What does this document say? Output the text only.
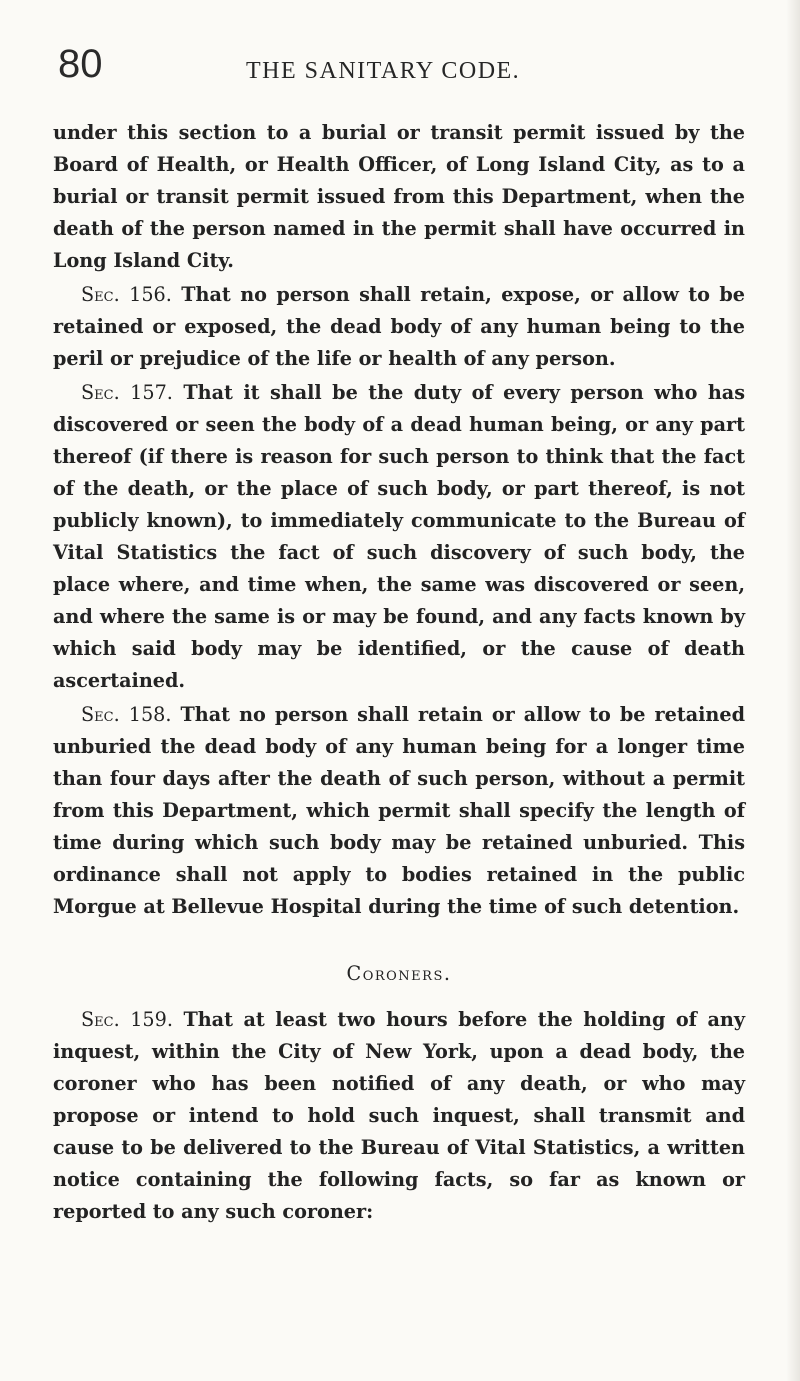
80	THE SANITARY CODE.

under this section to a burial or transit permit issued by the Board of Health, or Health Officer, of Long Island City, as to a burial or transit permit issued from this Department, when the death of the person named in the permit shall have occurred in Long Island City.

Sec. 156. That no person shall retain, expose, or allow to be retained or exposed, the dead body of any human being to the peril or prejudice of the life or health of any person.

Sec. 157. That it shall be the duty of every person who has discovered or seen the body of a dead human being, or any part thereof (if there is reason for such person to think that the fact of the death, or the place of such body, or part thereof, is not publicly known), to immediately communicate to the Bureau of Vital Statistics the fact of such discovery of such body, the place where, and time when, the same was discovered or seen, and where the same is or may be found, and any facts known by which said body may be identified, or the cause of death ascertained.

Sec. 158. That no person shall retain or allow to be retained unburied the dead body of any human being for a longer time than four days after the death of such person, without a permit from this Department, which permit shall specify the length of time during which such body may be retained unburied. This ordinance shall not apply to bodies retained in the public Morgue at Bellevue Hospital during the time of such detention.

Coroners.

Sec. 159. That at least two hours before the holding of any inquest, within the City of New York, upon a dead body, the coroner who has been notified of any death, or who may propose or intend to hold such inquest, shall transmit and cause to be delivered to the Bureau of Vital Statistics, a written notice containing the following facts, so far as known or reported to any such coroner:
